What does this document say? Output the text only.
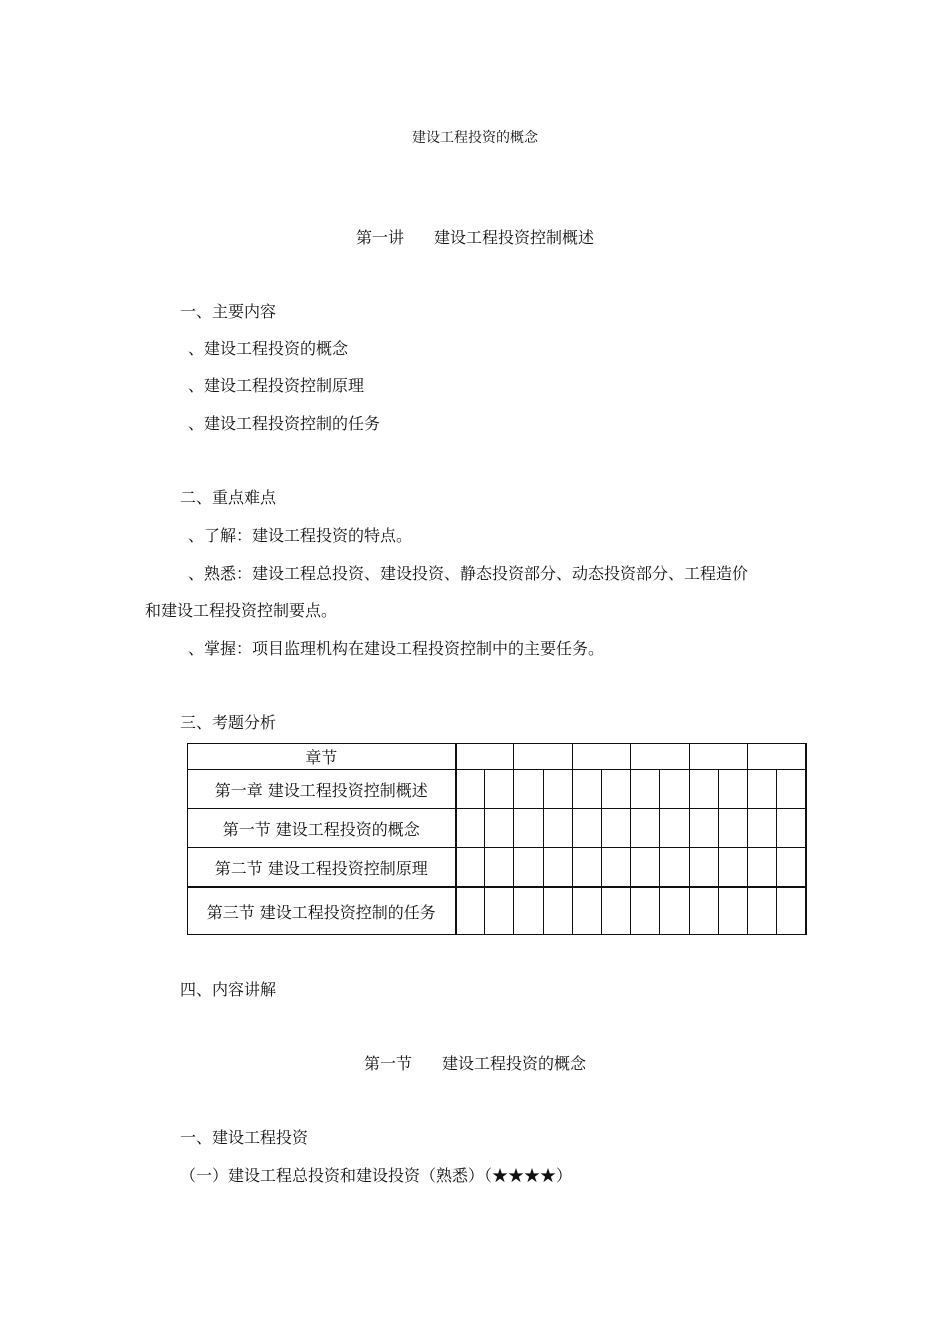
建设工程投资的概念
第一讲 建设工程投资控制概述
一、主要内容
、建设工程投资的概念
、建设工程投资控制原理
、建设工程投资控制的任务
二、重点难点
、了解：建设工程投资的特点。
、熟悉：建设工程总投资、建设投资、静态投资部分、动态投资部分、工程造价
和建设工程投资控制要点。
、掌握：项目监理机构在建设工程投资控制中的主要任务。
三、考题分析
章节												
第一章 建设工程投资控制概述												
第一节 建设工程投资的概念												
第二节 建设工程投资控制原理												
第三节 建设工程投资控制的任务												
四、内容讲解
第一节 建设工程投资的概念
一、建设工程投资
（一）建设工程总投资和建设投资（熟悉）（★★★★）
